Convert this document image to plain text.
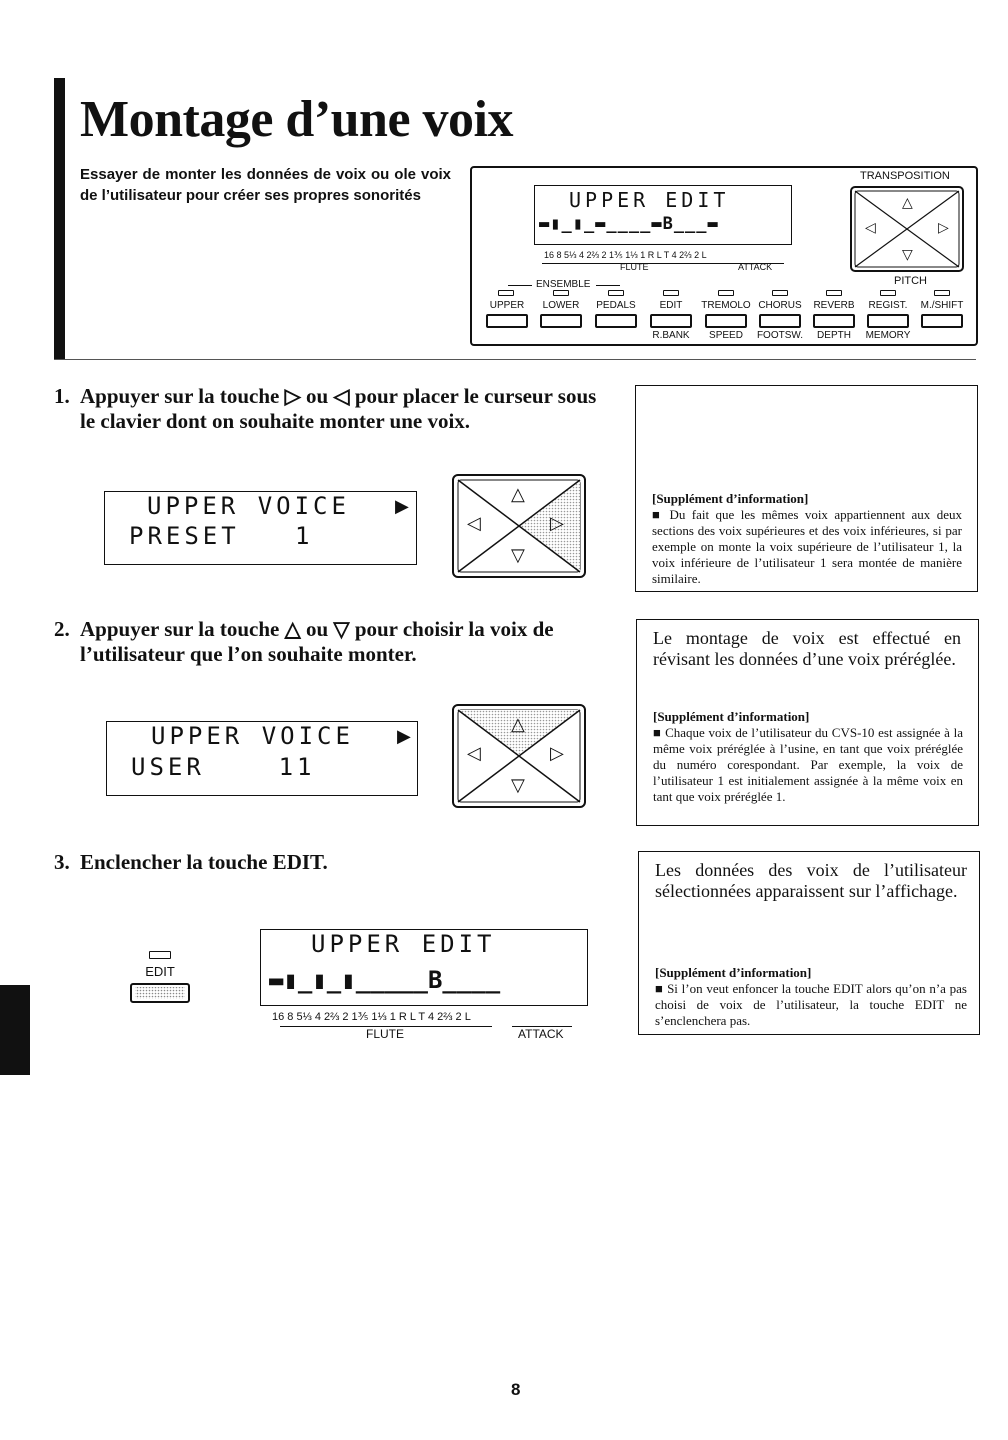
Montage d’une voix
Essayer de monter les données de voix ou ole voix de l’utilisateur pour créer ses propres sonorités	UPPER EDIT
▬▮_▮_▬____▬B___▬
16 8 5⅓ 4 2⅔ 2 1⅗ 1⅓ 1 R L T 4 2⅔ 2 L
FLUTE	ATTACK
TRANSPOSITION
△
▽
◁	▷
PITCH
ENSEMBLE
UPPER	LOWER	PEDALS	EDIT
R.BANK
TREMOLO
SPEED
CHORUS
FOOTSW.
REVERB
DEPTH
REGIST.
MEMORY
M./SHIFT
1. Appuyer sur la touche ▷ ou ◁ pour placer le curseur sous le clavier dont on souhaite monter une voix.
UPPER VOICE
PRESET   1
▶
△
▽
◁	▷
[Supplément d’information]
■ Du fait que les mêmes voix appartiennent aux deux sections des voix supérieures et des voix inférieures, si par exemple on monte la voix supérieure de l’utilisateur 1, la voix inférieure de l’utilisateur 1 sera montée de manière similaire.
2. Appuyer sur la touche △ ou ▽ pour choisir la voix de l’utilisateur que l’on souhaite monter.
UPPER VOICE
USER    11
▶
△
▽
◁	▷
Le montage de voix est effectué en révisant les données d’une voix préréglée.
[Supplément d’information]
■ Chaque voix de l’utilisateur du CVS-10 est assignée à la même voix préréglée à l’usine, en tant que voix préréglée du numéro corespondant. Par exemple, la voix de l’utilisateur 1 est initialement assignée à la même voix en tant que voix préréglée 1.
3. Enclencher la touche EDIT.
EDIT
UPPER EDIT
▬▮_▮_▮_____B____
16 8 5⅓ 4 2⅔ 2 1⅗ 1⅓ 1 R L T 4 2⅔ 2 L
FLUTE	ATTACK
Les données des voix de l’utilisateur sélectionnées apparaissent sur l’affichage.
[Supplément d’information]
■ Si l’on veut enfoncer la touche EDIT alors qu’on n’a pas choisi de voix de l’utilisateur, la touche EDIT ne s’enclenchera pas.
8
